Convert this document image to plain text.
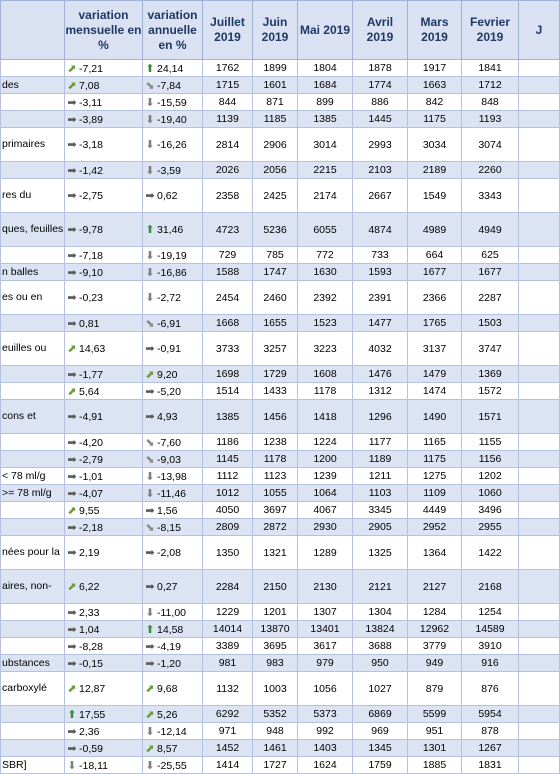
	variation mensuelle en %	variation annuelle en %	Juillet 2019	Juin 2019	Mai 2019	Avril 2019	Mars 2019	Fevrier 2019	J
	⬈ -7,21	⬆ 24,14	1762	1899	1804	1878	1917	1841	
des	⬈ 7,08	⬊ -7,84	1715	1601	1684	1774	1663	1712	
	➡ -3,11	⬇ -15,59	844	871	899	886	842	848	
	➡ -3,89	⬇ -19,40	1139	1185	1385	1445	1175	1193	
primaires	➡ -3,18	⬇ -16,26	2814	2906	3014	2993	3034	3074	
	➡ -1,42	⬇ -3,59	2026	2056	2215	2103	2189	2260	
res du	➡ -2,75	➡ 0,62	2358	2425	2174	2667	1549	3343	
ques, feuilles	➡ -9,78	⬆ 31,46	4723	5236	6055	4874	4989	4949	
	➡ -7,18	⬇ -19,19	729	785	772	733	664	625	
n balles	➡ -9,10	⬇ -16,86	1588	1747	1630	1593	1677	1677	
es ou en	➡ -0,23	⬇ -2,72	2454	2460	2392	2391	2366	2287	
	➡ 0,81	⬊ -6,91	1668	1655	1523	1477	1765	1503	
euilles ou	⬈ 14,63	➡ -0,91	3733	3257	3223	4032	3137	3747	
	➡ -1,77	⬈ 9,20	1698	1729	1608	1476	1479	1369	
	⬈ 5,64	➡ -5,20	1514	1433	1178	1312	1474	1572	
cons et	➡ -4,91	➡ 4,93	1385	1456	1418	1296	1490	1571	
	➡ -4,20	⬊ -7,60	1186	1238	1224	1177	1165	1155	
	➡ -2,79	⬊ -9,03	1145	1178	1200	1189	1175	1156	
< 78 ml/g	➡ -1,01	⬇ -13,98	1112	1123	1239	1211	1275	1202	
>= 78 ml/g	➡ -4,07	⬇ -11,46	1012	1055	1064	1103	1109	1060	
	⬈ 9,55	➡ 1,56	4050	3697	4067	3345	4449	3496	
	➡ -2,18	⬊ -8,15	2809	2872	2930	2905	2952	2955	
nées pour la	➡ 2,19	➡ -2,08	1350	1321	1289	1325	1364	1422	
aires, non-	⬈ 6,22	➡ 0,27	2284	2150	2130	2121	2127	2168	
	➡ 2,33	⬇ -11,00	1229	1201	1307	1304	1284	1254	
	➡ 1,04	⬆ 14,58	14014	13870	13401	13824	12962	14589	
	➡ -8,28	➡ -4,19	3389	3695	3617	3688	3779	3910	
ubstances	➡ -0,15	➡ -1,20	981	983	979	950	949	916	
carboxylé	⬈ 12,87	⬈ 9,68	1132	1003	1056	1027	879	876	
	⬆ 17,55	⬈ 5,26	6292	5352	5373	6869	5599	5954	
	➡ 2,36	⬇ -12,14	971	948	992	969	951	878	
	➡ -0,59	⬈ 8,57	1452	1461	1403	1345	1301	1267	
SBR]	⬇ -18,11	⬇ -25,55	1414	1727	1624	1759	1885	1831	
